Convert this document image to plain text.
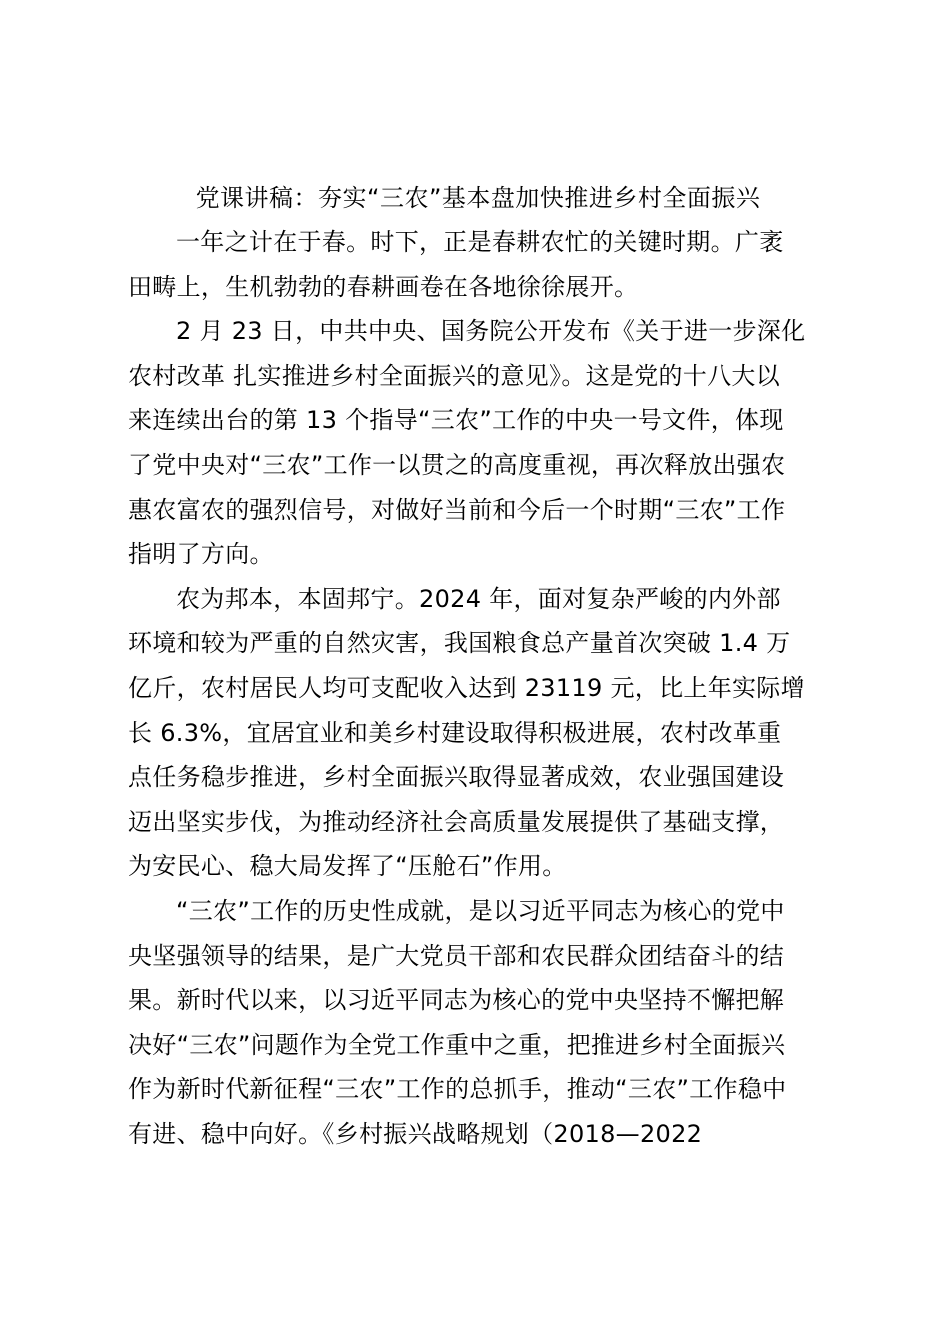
党课讲稿：夯实“三农”基本盘加快推进乡村全面振兴

一年之计在于春。时下，正是春耕农忙的关键时期。广袤
田畴上，生机勃勃的春耕画卷在各地徐徐展开。

2 月 23 日，中共中央、国务院公开发布《关于进一步深化
农村改革 扎实推进乡村全面振兴的意见》。这是党的十八大以
来连续出台的第 13 个指导“三农”工作的中央一号文件，体现
了党中央对“三农”工作一以贯之的高度重视，再次释放出强农
惠农富农的强烈信号，对做好当前和今后一个时期“三农”工作
指明了方向。

农为邦本，本固邦宁。2024 年，面对复杂严峻的内外部
环境和较为严重的自然灾害，我国粮食总产量首次突破 1.4 万
亿斤，农村居民人均可支配收入达到 23119 元，比上年实际增
长 6.3%，宜居宜业和美乡村建设取得积极进展，农村改革重
点任务稳步推进，乡村全面振兴取得显著成效，农业强国建设
迈出坚实步伐，为推动经济社会高质量发展提供了基础支撑，
为安民心、稳大局发挥了“压舱石”作用。

“三农”工作的历史性成就，是以习近平同志为核心的党中
央坚强领导的结果，是广大党员干部和农民群众团结奋斗的结
果。新时代以来，以习近平同志为核心的党中央坚持不懈把解
决好“三农”问题作为全党工作重中之重，把推进乡村全面振兴
作为新时代新征程“三农”工作的总抓手，推动“三农”工作稳中
有进、稳中向好。《乡村振兴战略规划（2018—2022
